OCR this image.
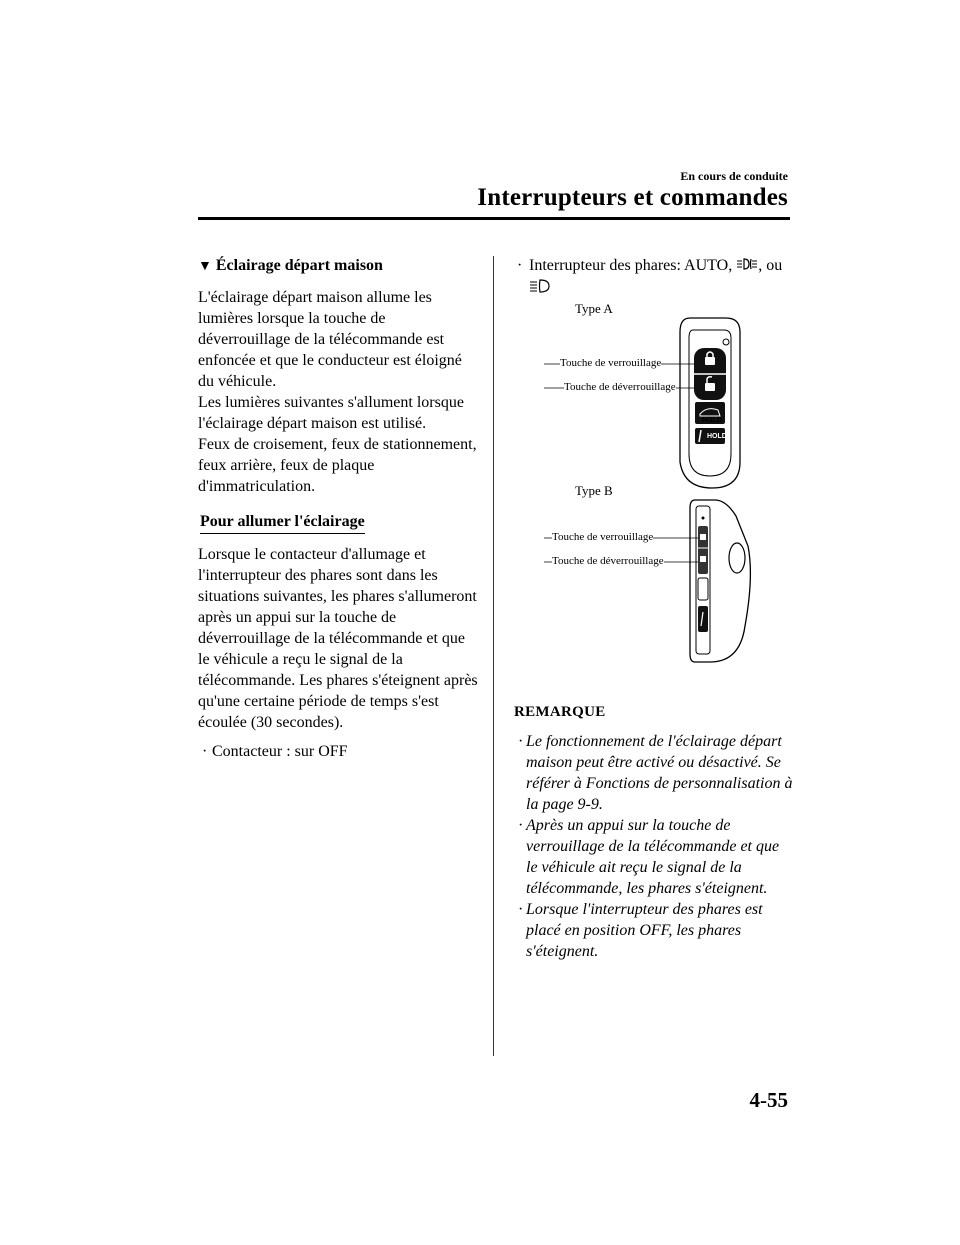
En cours de conduite
Interrupteurs et commandes

▼ Éclairage départ maison

L'éclairage départ maison allume les lumières lorsque la touche de déverrouillage de la télécommande est enfoncée et que le conducteur est éloigné du véhicule.

Les lumières suivantes s'allument lorsque l'éclairage départ maison est utilisé.

Feux de croisement, feux de stationnement, feux arrière, feux de plaque d'immatriculation.

Pour allumer l'éclairage

Lorsque le contacteur d'allumage et l'interrupteur des phares sont dans les situations suivantes, les phares s'allumeront après un appui sur la touche de déverrouillage de la télécommande et que le véhicule a reçu le signal de la télécommande. Les phares s'éteignent après qu'une certaine période de temps s'est écoulée (30 secondes).

· Contacteur : sur OFF

· Interrupteur des phares: AUTO, , ou

Type A
Touche de verrouillage
Touche de déverrouillage
HOLD
HOLD
Type B
Touche de verrouillage
Touche de déverrouillage
REMARQUE
· Le fonctionnement de l'éclairage départ maison peut être activé ou désactivé. Se référer à Fonctions de personnalisation à la page 9-9.
· Après un appui sur la touche de verrouillage de la télécommande et que le véhicule ait reçu le signal de la télécommande, les phares s'éteignent.
· Lorsque l'interrupteur des phares est placé en position OFF, les phares s'éteignent.
4-55
